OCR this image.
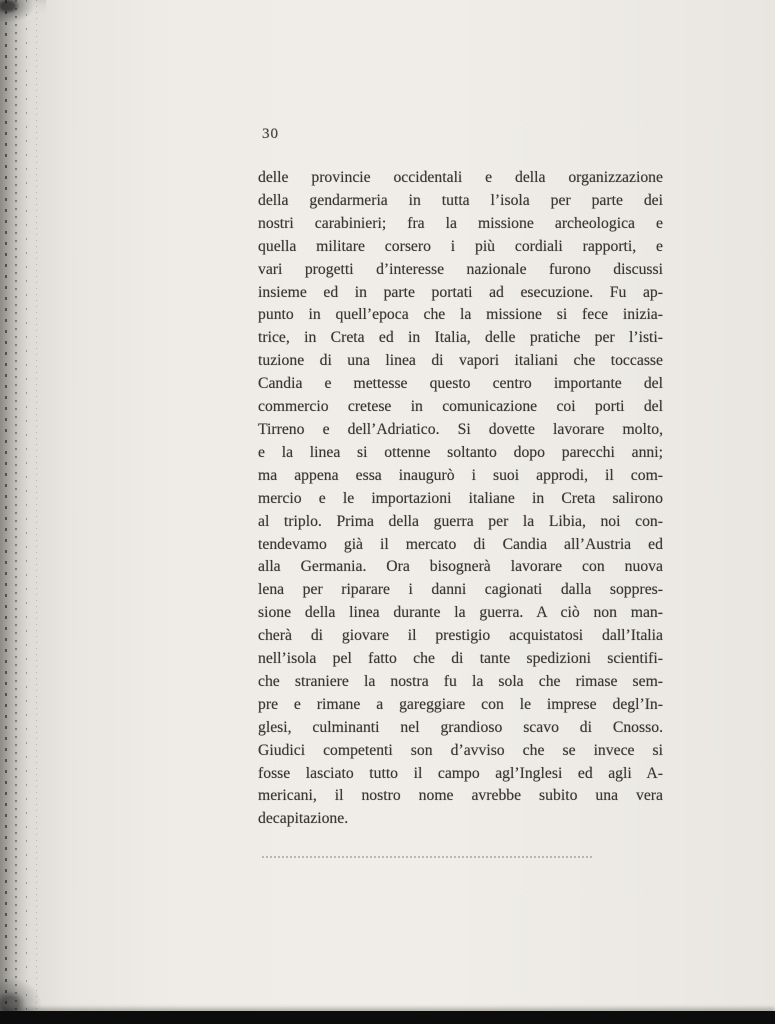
30
delle provincie occidentali e della organizzazione
della gendarmeria in tutta l’isola per parte dei
nostri carabinieri; fra la missione archeologica e
quella militare corsero i più cordiali rapporti, e
vari progetti d’interesse nazionale furono discussi
insieme ed in parte portati ad esecuzione. Fu ap-
punto in quell’epoca che la missione si fece inizia-
trice, in Creta ed in Italia, delle pratiche per l’isti-
tuzione di una linea di vapori italiani che toccasse
Candia e mettesse questo centro importante del
commercio cretese in comunicazione coi porti del
Tirreno e dell’Adriatico. Si dovette lavorare molto,
e la linea si ottenne soltanto dopo parecchi anni;
ma appena essa inaugurò i suoi approdi, il com-
mercio e le importazioni italiane in Creta salirono
al triplo. Prima della guerra per la Libia, noi con-
tendevamo già il mercato di Candia all’Austria ed
alla Germania. Ora bisognerà lavorare con nuova
lena per riparare i danni cagionati dalla soppres-
sione della linea durante la guerra. A ciò non man-
cherà di giovare il prestigio acquistatosi dall’Italia
nell’isola pel fatto che di tante spedizioni scientifi-
che straniere la nostra fu la sola che rimase sem-
pre e rimane a gareggiare con le imprese degl’In-
glesi, culminanti nel grandioso scavo di Cnosso.
Giudici competenti son d’avviso che se invece si
fosse lasciato tutto il campo agl’Inglesi ed agli A-
mericani, il nostro nome avrebbe subito una vera
decapitazione.
